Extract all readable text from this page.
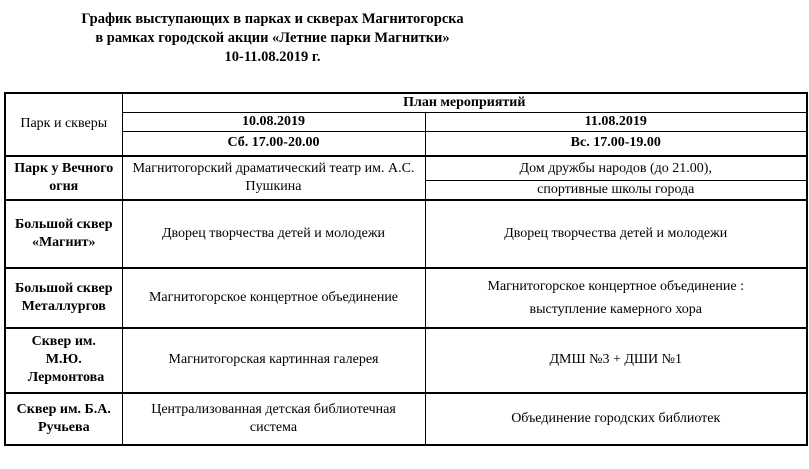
График выступающих в парках и скверах Магнитогорска
в рамках городской акции «Летние парки Магнитки»
10-11.08.2019 г.
Парк и скверы	План мероприятий	
	10.08.2019	11.08.2019
	Сб. 17.00-20.00	Вс. 17.00-19.00
Парк у Вечного огня	Магнитогорский драматический театр им. А.С. Пушкина	Дом дружбы народов (до 21.00),
спортивные школы города

Большой сквер «Магнит»	Дворец творчества детей и молодежи	Дворец творчества детей и молодежи
Большой сквер Металлургов	Магнитогорское концертное объединение	Магнитогорское концертное объединение : выступление камерного хора

Сквер им. М.Ю. Лермонтова	Магнитогорская картинная галерея	ДМШ №3 + ДШИ №1
Сквер им. Б.А. Ручьева	Централизованная детская библиотечная система	Объединение городских библиотек
